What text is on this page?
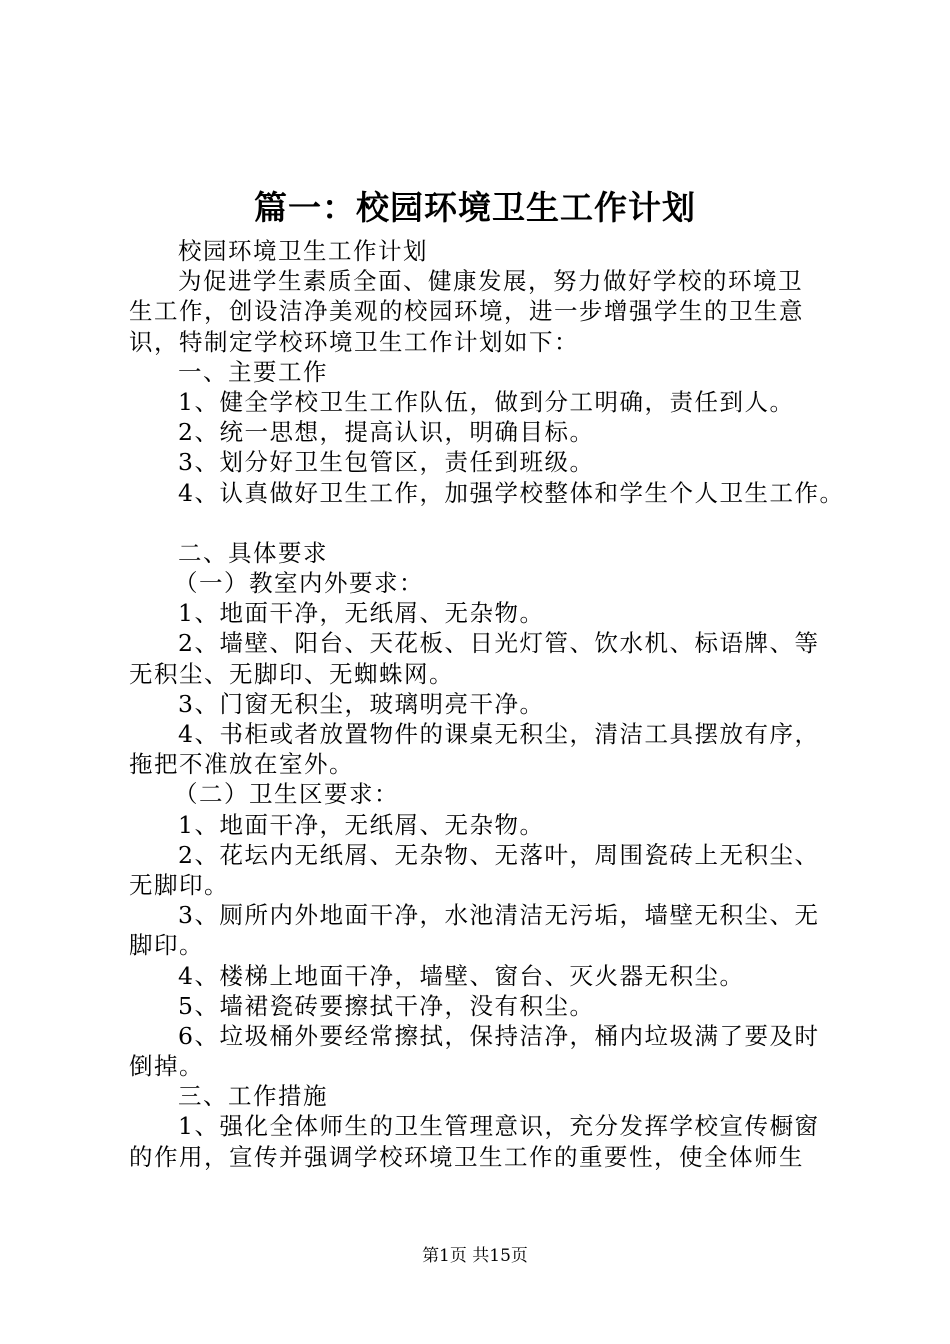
篇一：校园环境卫生工作计划
校园环境卫生工作计划
为促进学生素质全面、健康发展，努力做好学校的环境卫
生工作，创设洁净美观的校园环境，进一步增强学生的卫生意
识，特制定学校环境卫生工作计划如下：
一、主要工作
1、健全学校卫生工作队伍，做到分工明确，责任到人。
2、统一思想，提高认识，明确目标。
3、划分好卫生包管区，责任到班级。
4、认真做好卫生工作，加强学校整体和学生个人卫生工作。
二、具体要求
（一）教室内外要求：
1、地面干净，无纸屑、无杂物。
2、墙壁、阳台、天花板、日光灯管、饮水机、标语牌、等
无积尘、无脚印、无蜘蛛网。
3、门窗无积尘，玻璃明亮干净。
4、书柜或者放置物件的课桌无积尘，清洁工具摆放有序，
拖把不准放在室外。
（二）卫生区要求：
1、地面干净，无纸屑、无杂物。
2、花坛内无纸屑、无杂物、无落叶，周围瓷砖上无积尘、
无脚印。
3、厕所内外地面干净，水池清洁无污垢，墙壁无积尘、无
脚印。
4、楼梯上地面干净，墙壁、窗台、灭火器无积尘。
5、墙裙瓷砖要擦拭干净，没有积尘。
6、垃圾桶外要经常擦拭，保持洁净，桶内垃圾满了要及时
倒掉。
三、工作措施
1、强化全体师生的卫生管理意识，充分发挥学校宣传橱窗
的作用，宣传并强调学校环境卫生工作的重要性，使全体师生
第1页 共15页
